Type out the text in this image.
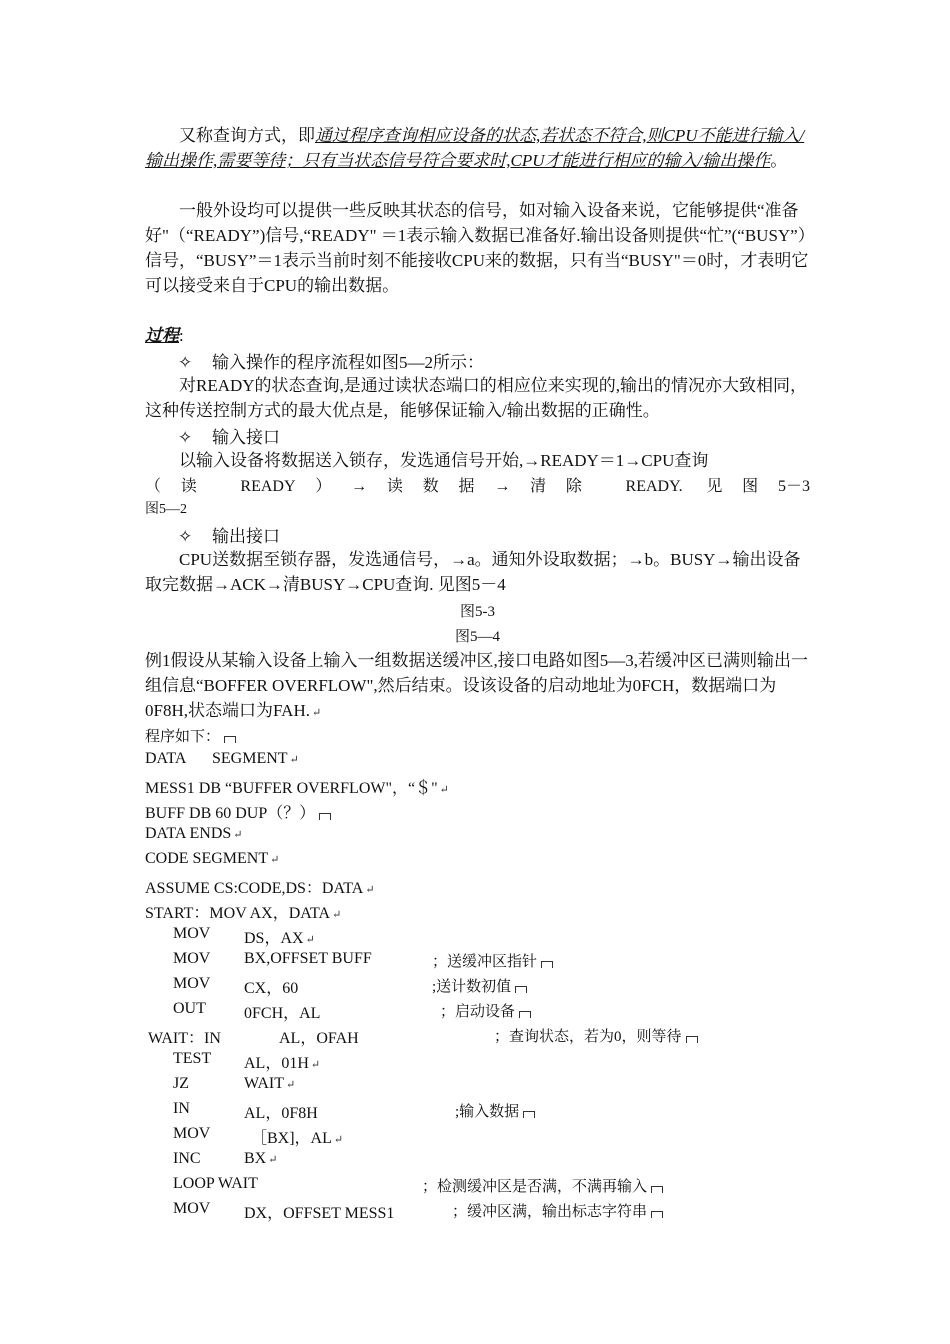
又称查询方式，即通过程序查询相应设备的状态,若状态不符合,则CPU不能进行输入/输出操作,需要等待；只有当状态信号符合要求时,CPU才能进行相应的输入/输出操作。

一般外设均可以提供一些反映其状态的信号，如对输入设备来说，它能够提供“准备好"（“READY”)信号,“READY" ＝1表示输入数据已准备好.输出设备则提供“忙”(“BUSY”）信号，“BUSY”＝1表示当前时刻不能接收CPU来的数据，只有当“BUSY"＝0时，才表明它可以接受来自于CPU的输出数据。

过程:
✧ 输入操作的程序流程如图5—2所示：

对READY的状态查询,是通过读状态端口的相应位来实现的,输出的情况亦大致相同，这种传送控制方式的最大优点是，能够保证输入/输出数据的正确性。

✧ 输入接口
以输入设备将数据送入锁存，发选通信号开始,→READY＝1→CPU查询
（读 READY）→读数据→清除 READY. 见图5－3
图5—2
✧ 输出接口

CPU送数据至锁存器，发选通信号，→a。通知外设取数据；→b。BUSY→输出设备取完数据→ACK→清BUSY→CPU查询. 见图5－4

图5-3
图5—4

例1假设从某输入设备上输入一组数据送缓冲区,接口电路如图5—3,若缓冲区已满则输出一组信息“BOFFER OVERFLOW",然后结束。设该设备的启动地址为0FCH，数据端口为0F8H,状态端口为FAH. ↵

程序如下：
DATA SEGMENT ↵
MESS1 DB “BUFFER OVERFLOW"，“＄" ↵
BUFF DB 60 DUP（？）
DATA ENDS ↵
CODE SEGMENT ↵
ASSUME CS:CODE,DS：DATA ↵
START：MOV AX，DATA ↵
MOV DS，AX ↵
MOV BX,OFFSET BUFF	；送缓冲区指针
MOV CX，60	;送计数初值
OUT 0FCH，AL	；启动设备
WAIT：IN	AL，OFAH	；查询状态，若为0，则等待
TEST AL，01H ↵
JZ	WAIT ↵
IN	AL，0F8H	;输入数据
MOV	［BX]，AL ↵
INC	BX ↵
LOOP WAIT	；检测缓冲区是否满，不满再输入
MOV DX，OFFSET MESS1	；缓冲区满，输出标志字符串
